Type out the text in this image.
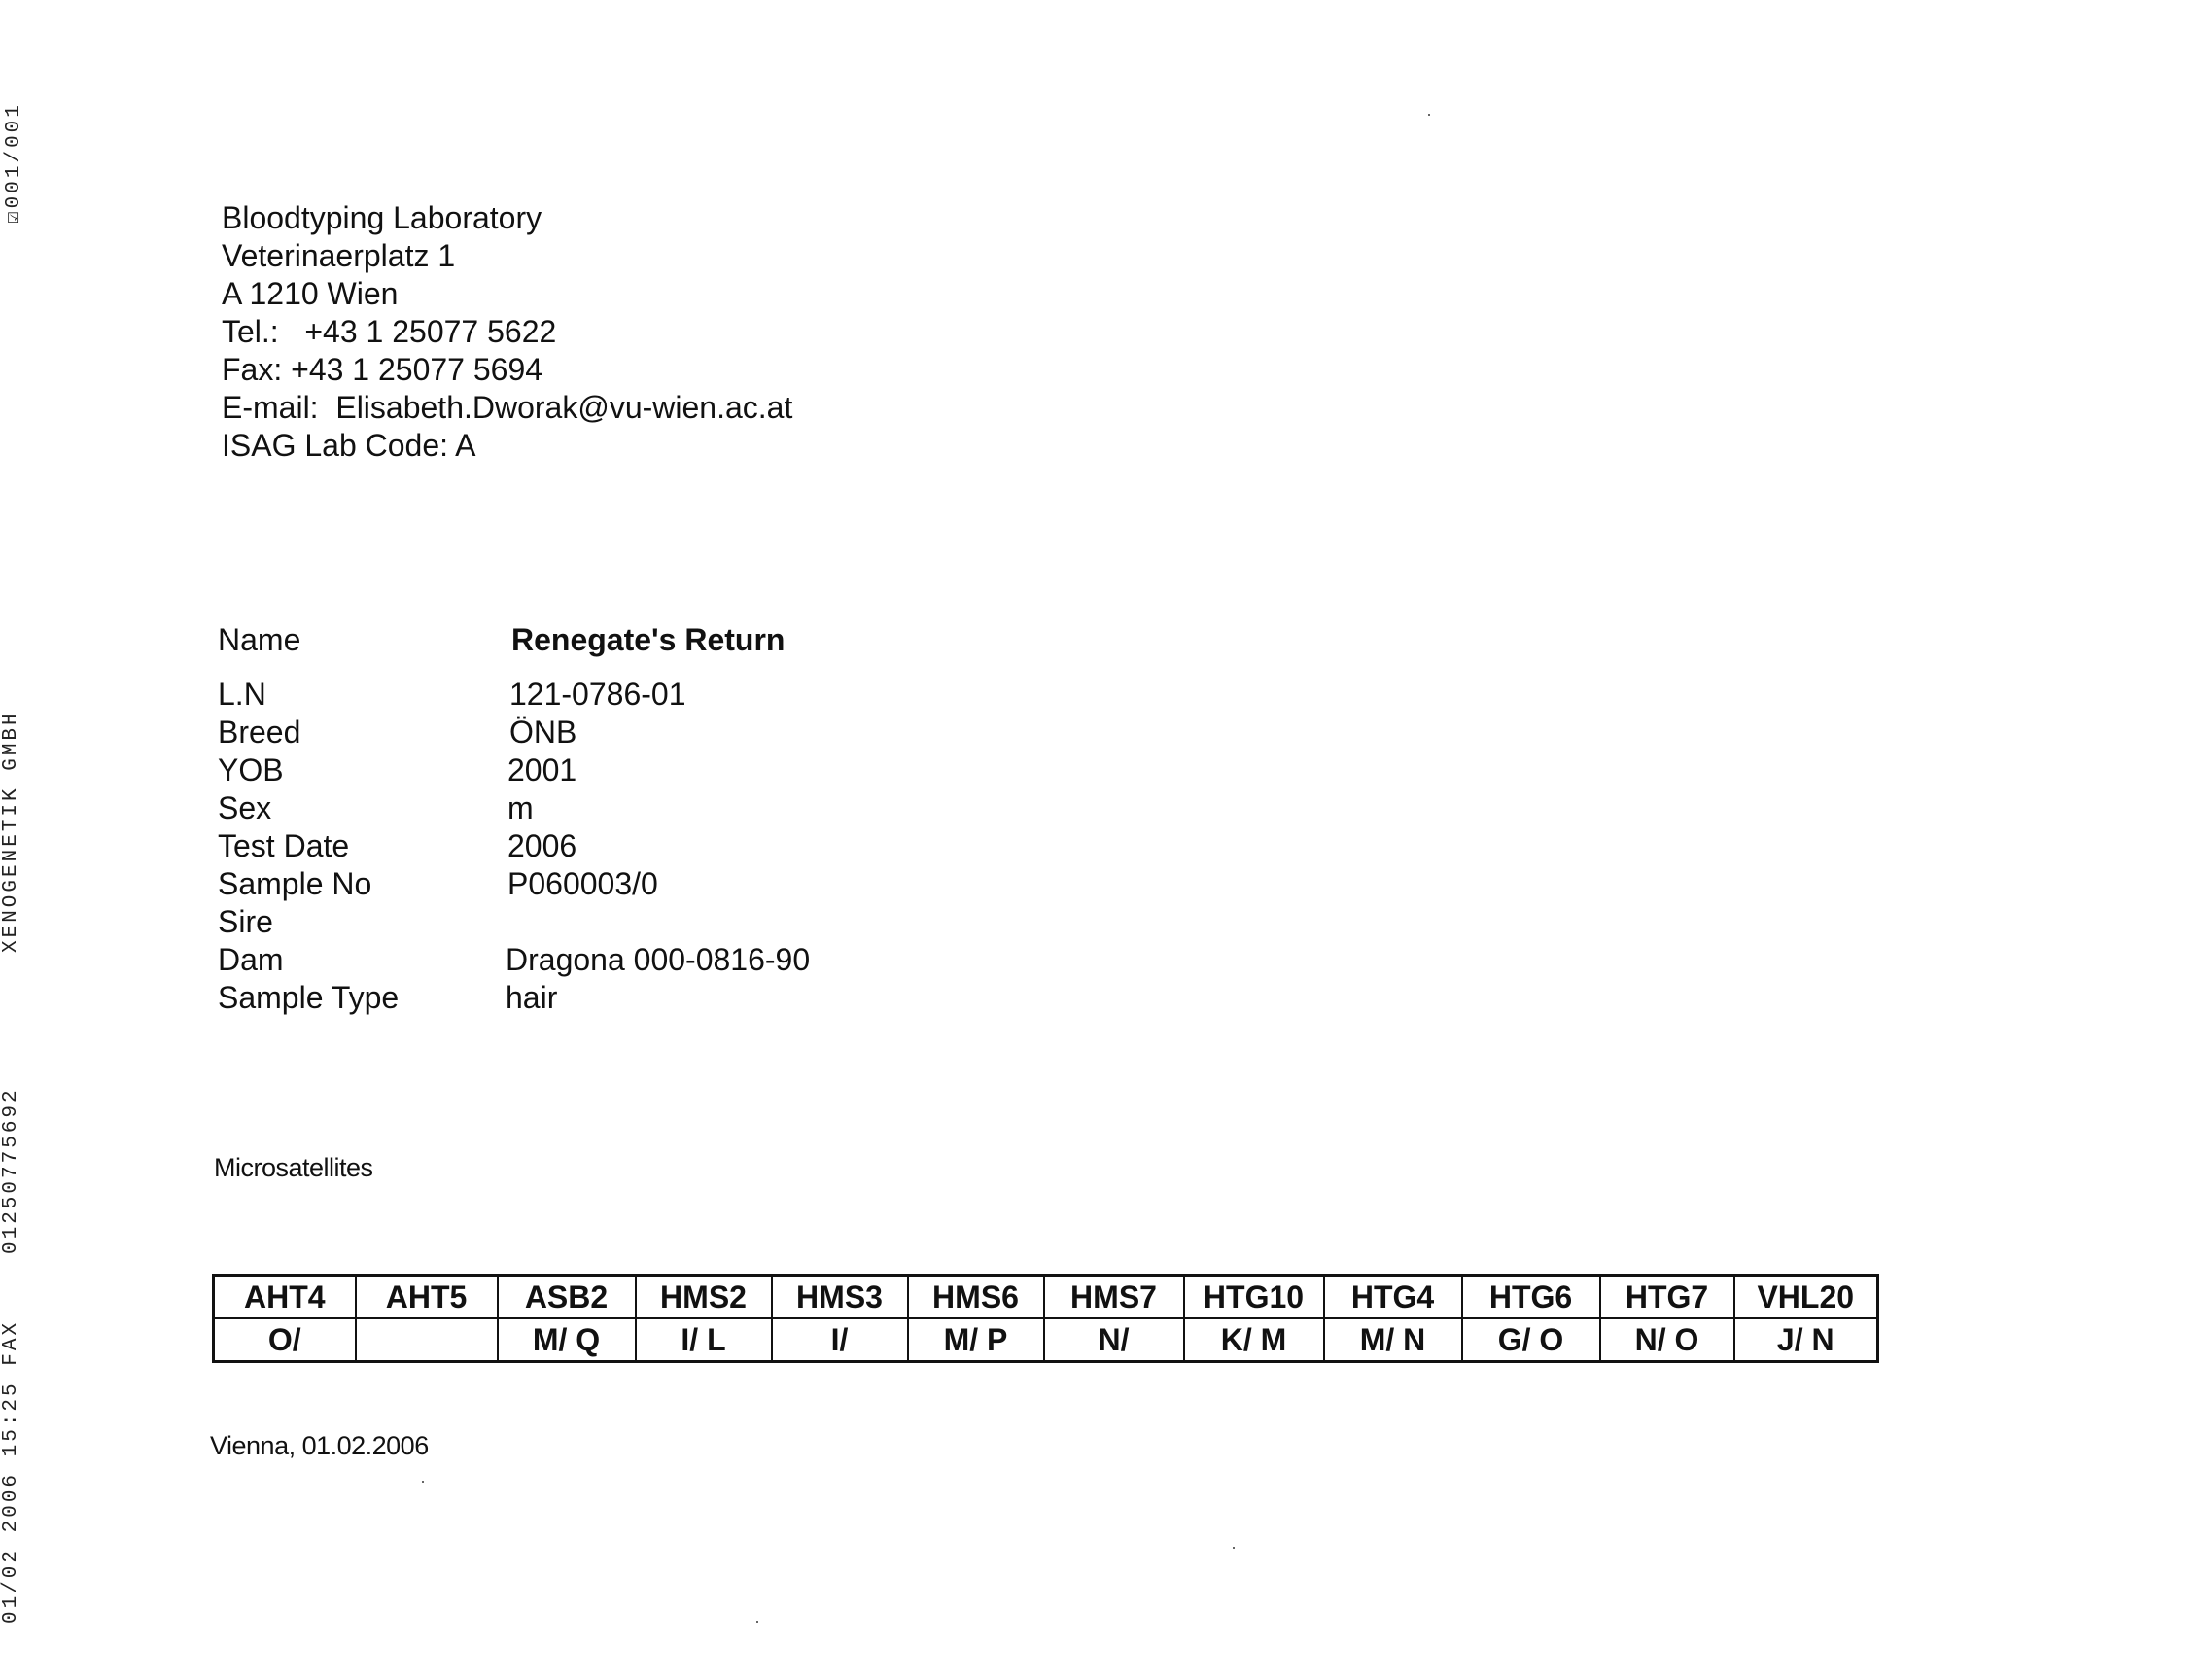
01/02 2006 15:25 FAX
01250775692
XENOGENETIK GMBH
☑001/001
Bloodtyping Laboratory
Veterinaerplatz 1
A 1210 Wien
Tel.:   +43 1 25077 5622
Fax: +43 1 25077 5694
E-mail:  Elisabeth.Dworak@vu-wien.ac.at
ISAG Lab Code: A
Name	Renegate's Return
L.N	121-0786-01
Breed	ÖNB
YOB	2001
Sex	m
Test Date	2006
Sample No	P060003/0
Sire
Dam	Dragona 000-0816-90
Sample Type	hair
Microsatellites
AHT4	AHT5	ASB2	HMS2	HMS3	HMS6	HMS7	HTG10	HTG4	HTG6	HTG7	VHL20
O/		M/ Q	I/ L	I/	M/ P	N/	K/ M	M/ N	G/ O	N/ O	J/ N
Vienna, 01.02.2006
